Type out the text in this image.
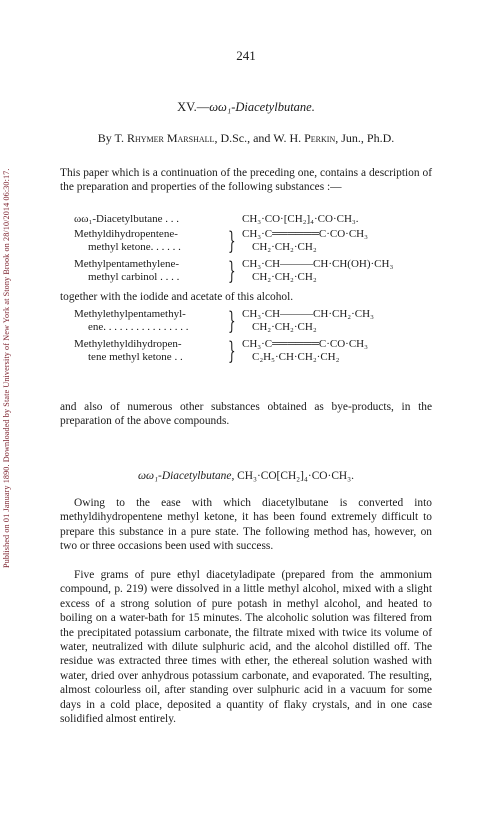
Published on 01 January 1890. Downloaded by State University of New York at Stony Brook on 28/10/2014 06:30:17.
241
XV.—ωω₁-Diacetylbutane.
By T. Rhymer Marshall, D.Sc., and W. H. Perkin, Jun., Ph.D.

This paper which is a continuation of the preceding one, contains a description of the preparation and properties of the following substances :—

ωω₁-Diacetylbutane . . .	CH₃·CO·[CH₂]₄·CO·CH₃.
Methyldihydropentene-
methyl ketone. . . . . .	} CH₃·C══════C·CO·CH₃
CH₂·CH₂·CH₂
Methylpentamethylene-
methyl carbinol . . . .	} CH₃·CH———CH·CH(OH)·CH₃
CH₂·CH₂·CH₂

together with the iodide and acetate of this alcohol.

Methylethylpentamethyl-
ene. . . . . . . . . . . . . . . .	} CH₃·CH———CH·CH₂·CH₃
CH₂·CH₂·CH₂
Methylethyldihydropen-
tene methyl ketone . .	} CH₃·C══════C·CO·CH₃
C₂H₅·CH·CH₂·CH₂

and also of numerous other substances obtained as bye-products, in the preparation of the above compounds.

ωω₁-Diacetylbutane, CH₃·CO[CH₂]₄·CO·CH₃.

Owing to the ease with which diacetylbutane is converted into methyldihydropentene methyl ketone, it has been found extremely difficult to prepare this substance in a pure state. The following method has, however, on two or three occasions been used with success.

Five grams of pure ethyl diacetyladipate (prepared from the ammonium compound, p. 219) were dissolved in a little methyl alcohol, mixed with a slight excess of a strong solution of pure potash in methyl alcohol, and heated to boiling on a water-bath for 15 minutes. The alcoholic solution was filtered from the precipitated potassium carbonate, the filtrate mixed with twice its volume of water, neutralized with dilute sulphuric acid, and the alcohol distilled off. The residue was extracted three times with ether, the ethereal solution washed with water, dried over anhydrous potassium carbonate, and evaporated. The resulting, almost colourless oil, after standing over sulphuric acid in a vacuum for some days in a cold place, deposited a quantity of flaky crystals, and in one case solidified almost entirely.
